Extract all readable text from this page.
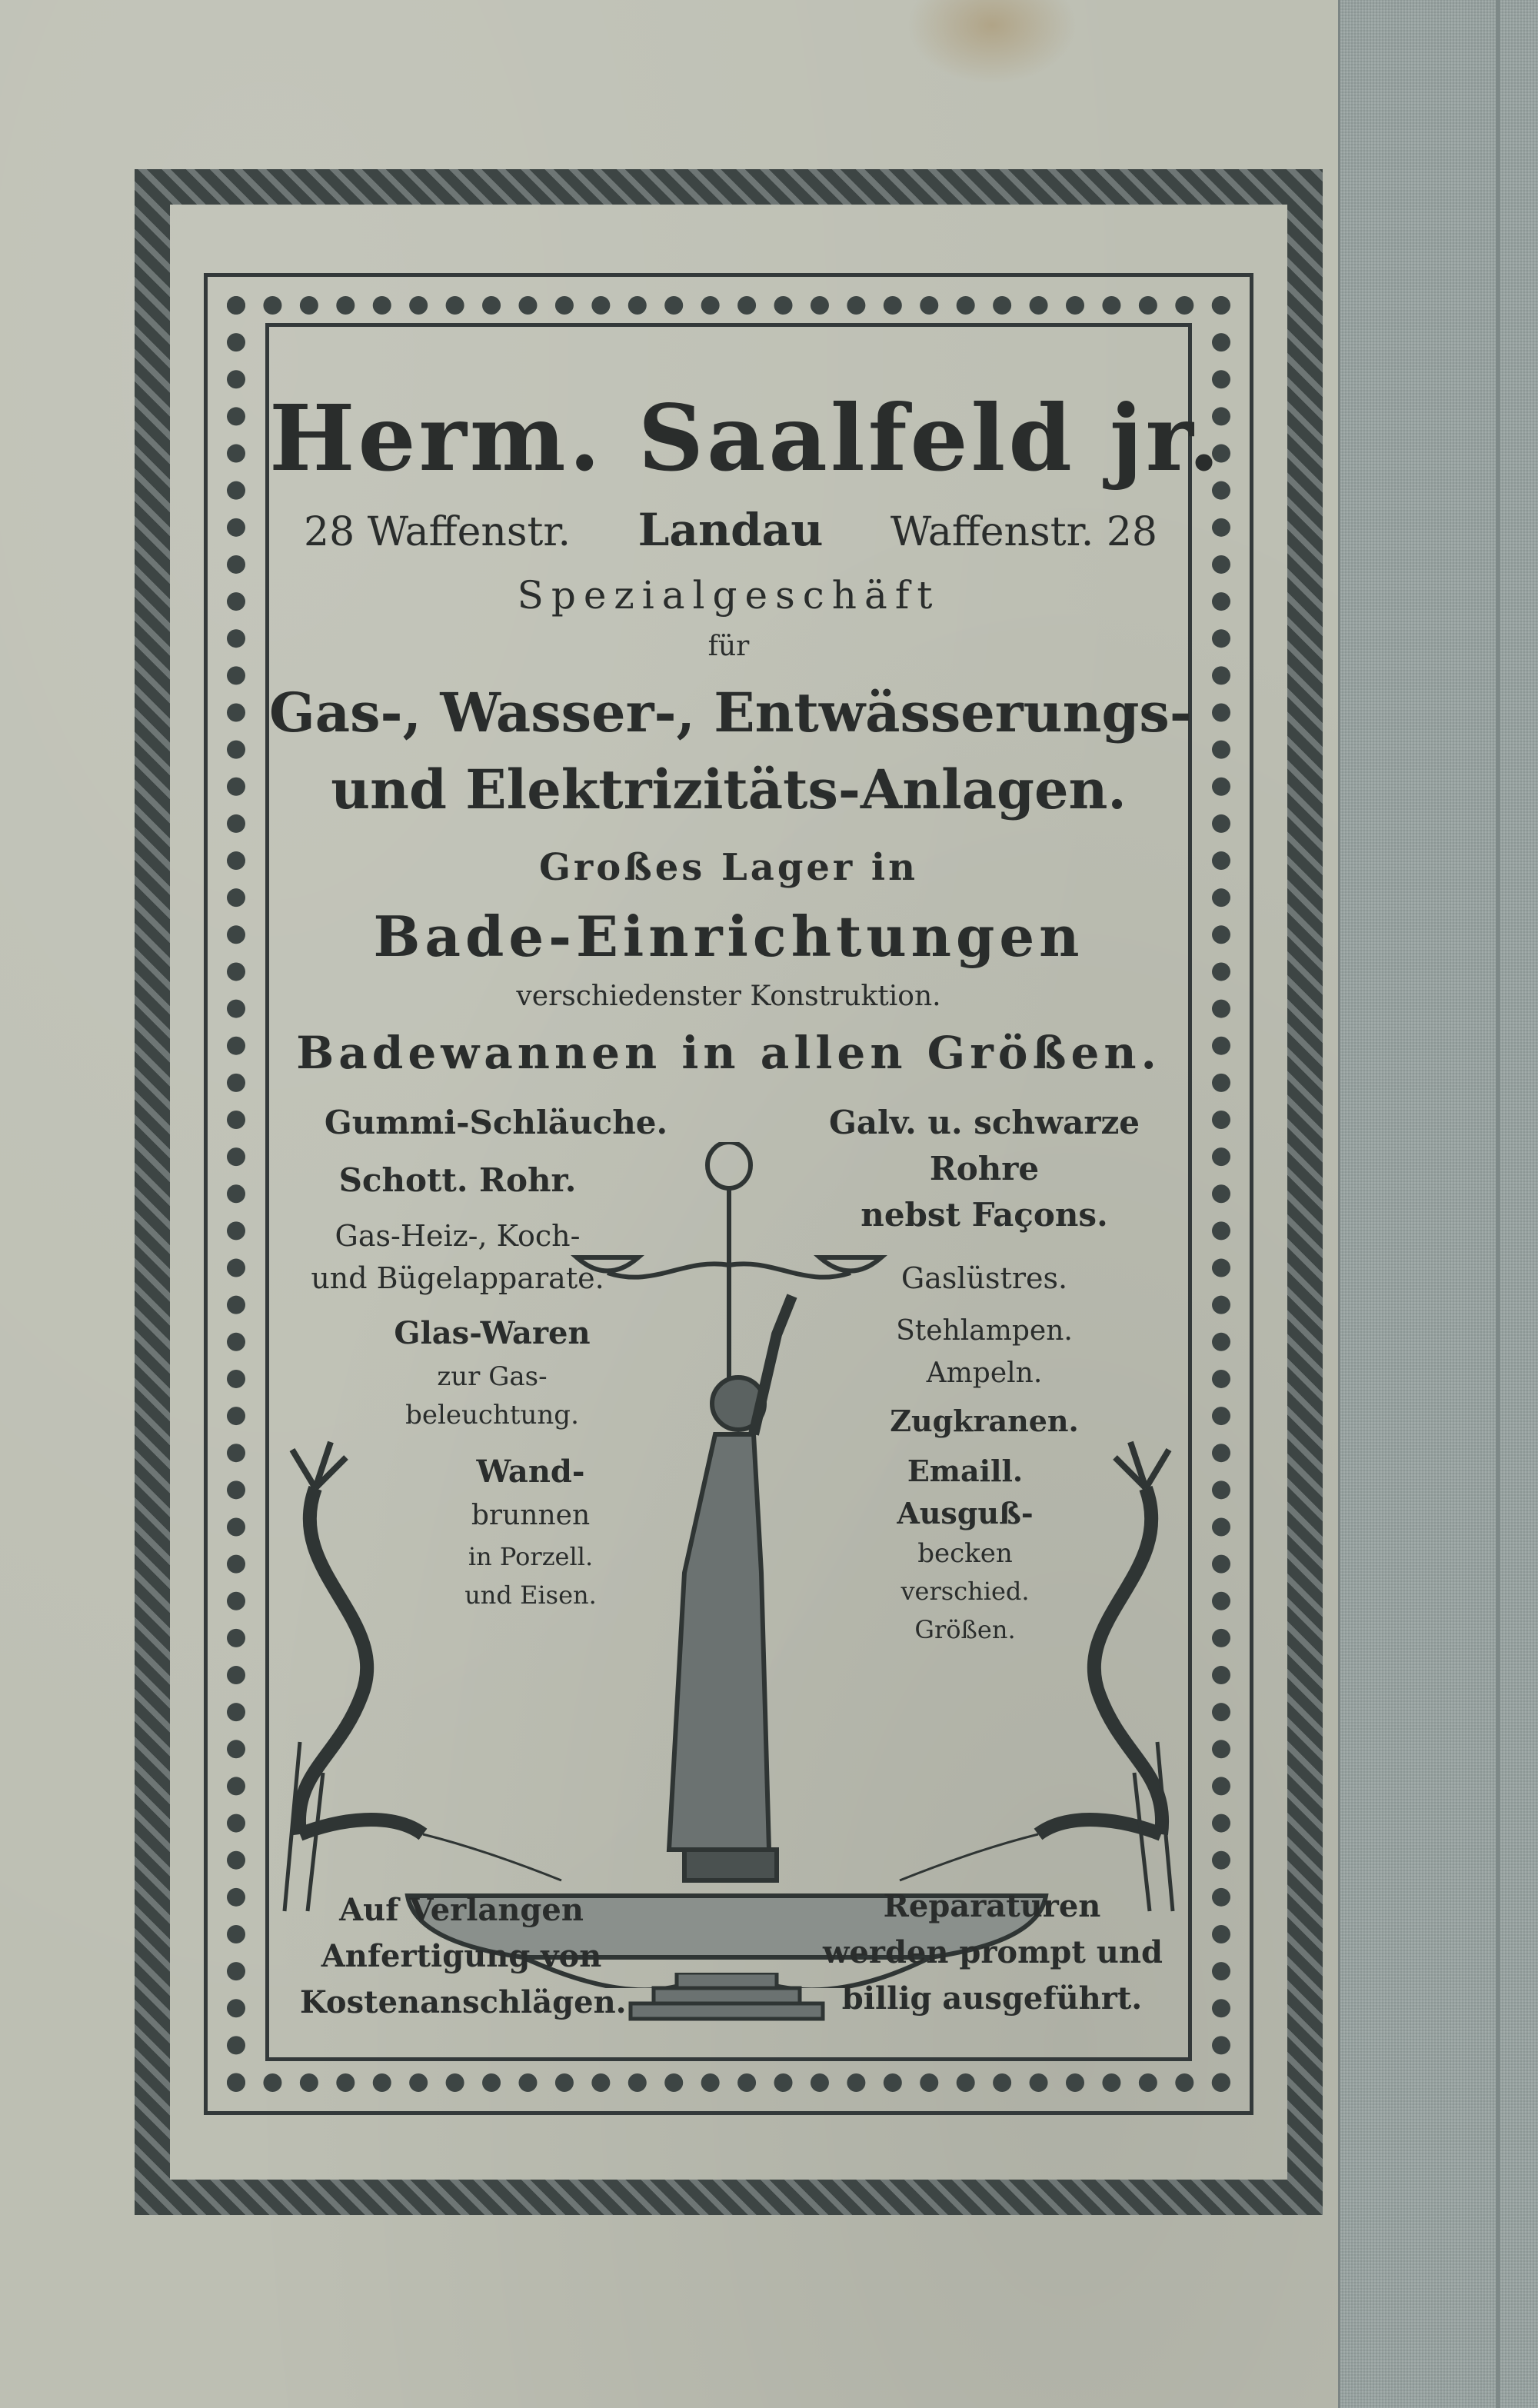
Herm. Saalfeld jr.
28 Waffenstr. Landau Waffenstr. 28
Spezialgeschäft
für
Gas-, Wasser-, Entwässerungs-
und Elektrizitäts-Anlagen.
Großes Lager in
Bade-Einrichtungen
verschiedenster Konstruktion.
Badewannen in allen Größen.
Gummi-Schläuche.
Schott. Rohr.
Gas-Heiz-, Koch-
und Bügelapparate.
Glas-Waren
zur Gas-
beleuchtung.
Wand-
brunnen
in Porzell.
und Eisen.
Galv. u. schwarze
Rohre
nebst Façons.
Gaslüstres.
Stehlampen.
Ampeln.
Zugkranen.
Emaill.
Ausguß-
becken
verschied.
Größen.
Auf Verlangen
Anfertigung von
Kostenanschlägen.
Reparaturen
werden prompt und
billig ausgeführt.
